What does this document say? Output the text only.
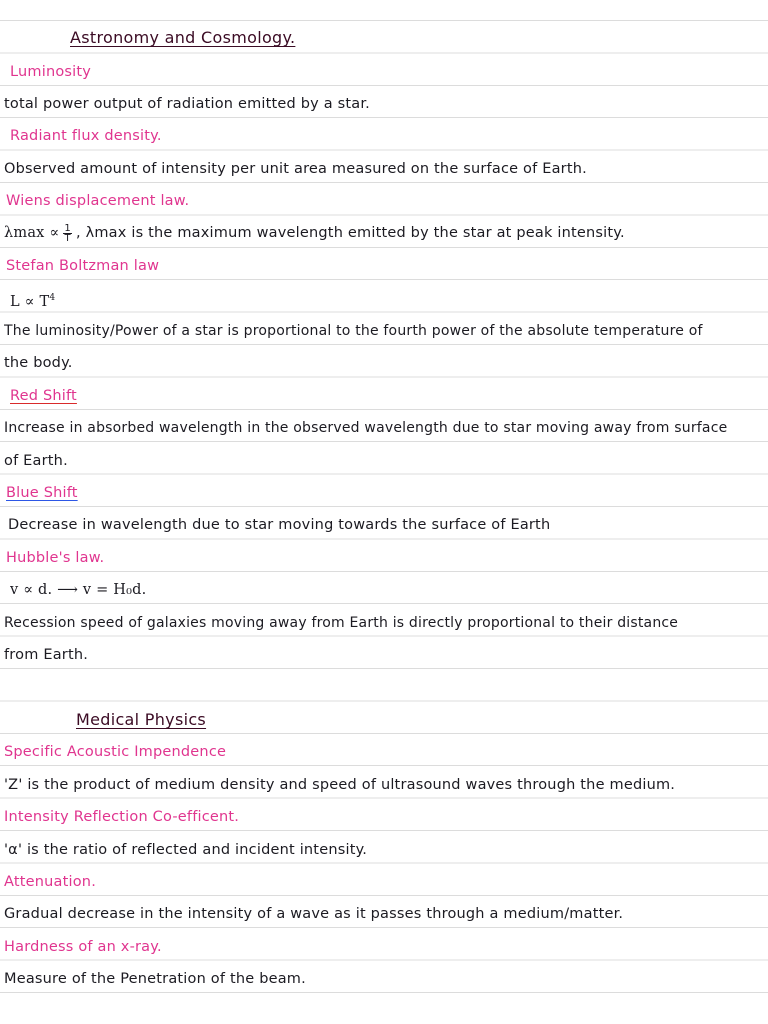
Astronomy and Cosmology.
Luminosity
total power output of radiation emitted by a star.
Radiant flux density.
Observed amount of intensity per unit area measured on the surface of Earth.
Wiens displacement law.
$\lambda\max \propto \frac{1}{T}$ , λmax is the maximum wavelength emitted by the star at peak intensity.
Stefan Boltzman law
$L \propto T^4$
The luminosity/Power of a star is proportional to the fourth power of the absolute temperature of
the body.
Red Shift
Increase in absorbed wavelength in the observed wavelength due to star moving away from surface
of Earth.
Blue Shift
Decrease in wavelength due to star moving towards the surface of Earth
Hubble's law.
v ∝ d. ⟶ v = H₀d.
Recession speed of galaxies moving away from Earth is directly proportional to their distance
from Earth.
Medical Physics
Specific Acoustic Impendence
'Z' is the product of medium density and speed of ultrasound waves through the medium.
Intensity Reflection Co-efficent.
'α' is the ratio of reflected and incident intensity.
Attenuation.
Gradual decrease in the intensity of a wave as it passes through a medium/matter.
Hardness of an x-ray.
Measure of the Penetration of the beam.
